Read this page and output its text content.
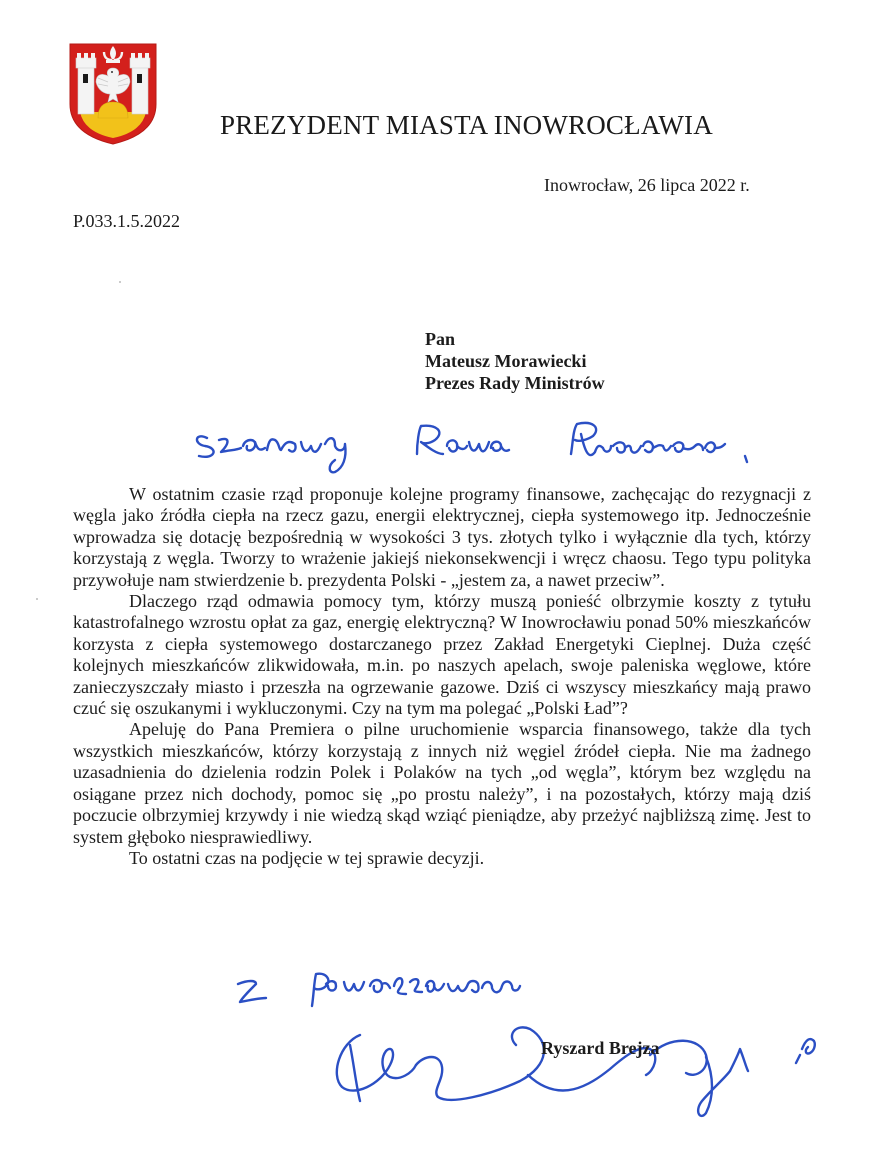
PREZYDENT MIASTA INOWROCŁAWIA
Inowrocław, 26 lipca 2022 r.
P.033.1.5.2022
Pan
Mateusz Morawiecki
Prezes Rady Ministrów

W ostatnim czasie rząd proponuje kolejne programy finansowe, zachęcając do rezygnacji z węgla jako źródła ciepła na rzecz gazu, energii elektrycznej, ciepła systemowego itp. Jednocześnie wprowadza się dotację bezpośrednią w wysokości 3 tys. złotych tylko i wyłącznie dla tych, którzy korzystają z węgla. Tworzy to wrażenie jakiejś niekonsekwencji i wręcz chaosu. Tego typu polityka przywołuje nam stwierdzenie b. prezydenta Polski - „jestem za, a nawet przeciw”.

Dlaczego rząd odmawia pomocy tym, którzy muszą ponieść olbrzymie koszty z tytułu katastrofalnego wzrostu opłat za gaz, energię elektryczną? W Inowrocławiu ponad 50% mieszkańców korzysta z ciepła systemowego dostarczanego przez Zakład Energetyki Cieplnej. Duża część kolejnych mieszkańców zlikwidowała, m.in. po naszych apelach, swoje paleniska węglowe, które zanieczyszczały miasto i przeszła na ogrzewanie gazowe. Dziś ci wszyscy mieszkańcy mają prawo czuć się oszukanymi i wykluczonymi. Czy na tym ma polegać „Polski Ład”?

Apeluję do Pana Premiera o pilne uruchomienie wsparcia finansowego, także dla tych wszystkich mieszkańców, którzy korzystają z innych niż węgiel źródeł ciepła. Nie ma żadnego uzasadnienia do dzielenia rodzin Polek i Polaków na tych „od węgla”, którym bez względu na osiągane przez nich dochody, pomoc się „po prostu należy”, i na pozostałych, którzy mają dziś poczucie olbrzymiej krzywdy i nie wiedzą skąd wziąć pieniądze, aby przeżyć najbliższą zimę. Jest to system głęboko niesprawiedliwy.

To ostatni czas na podjęcie w tej sprawie decyzji.

Ryszard Brejza
